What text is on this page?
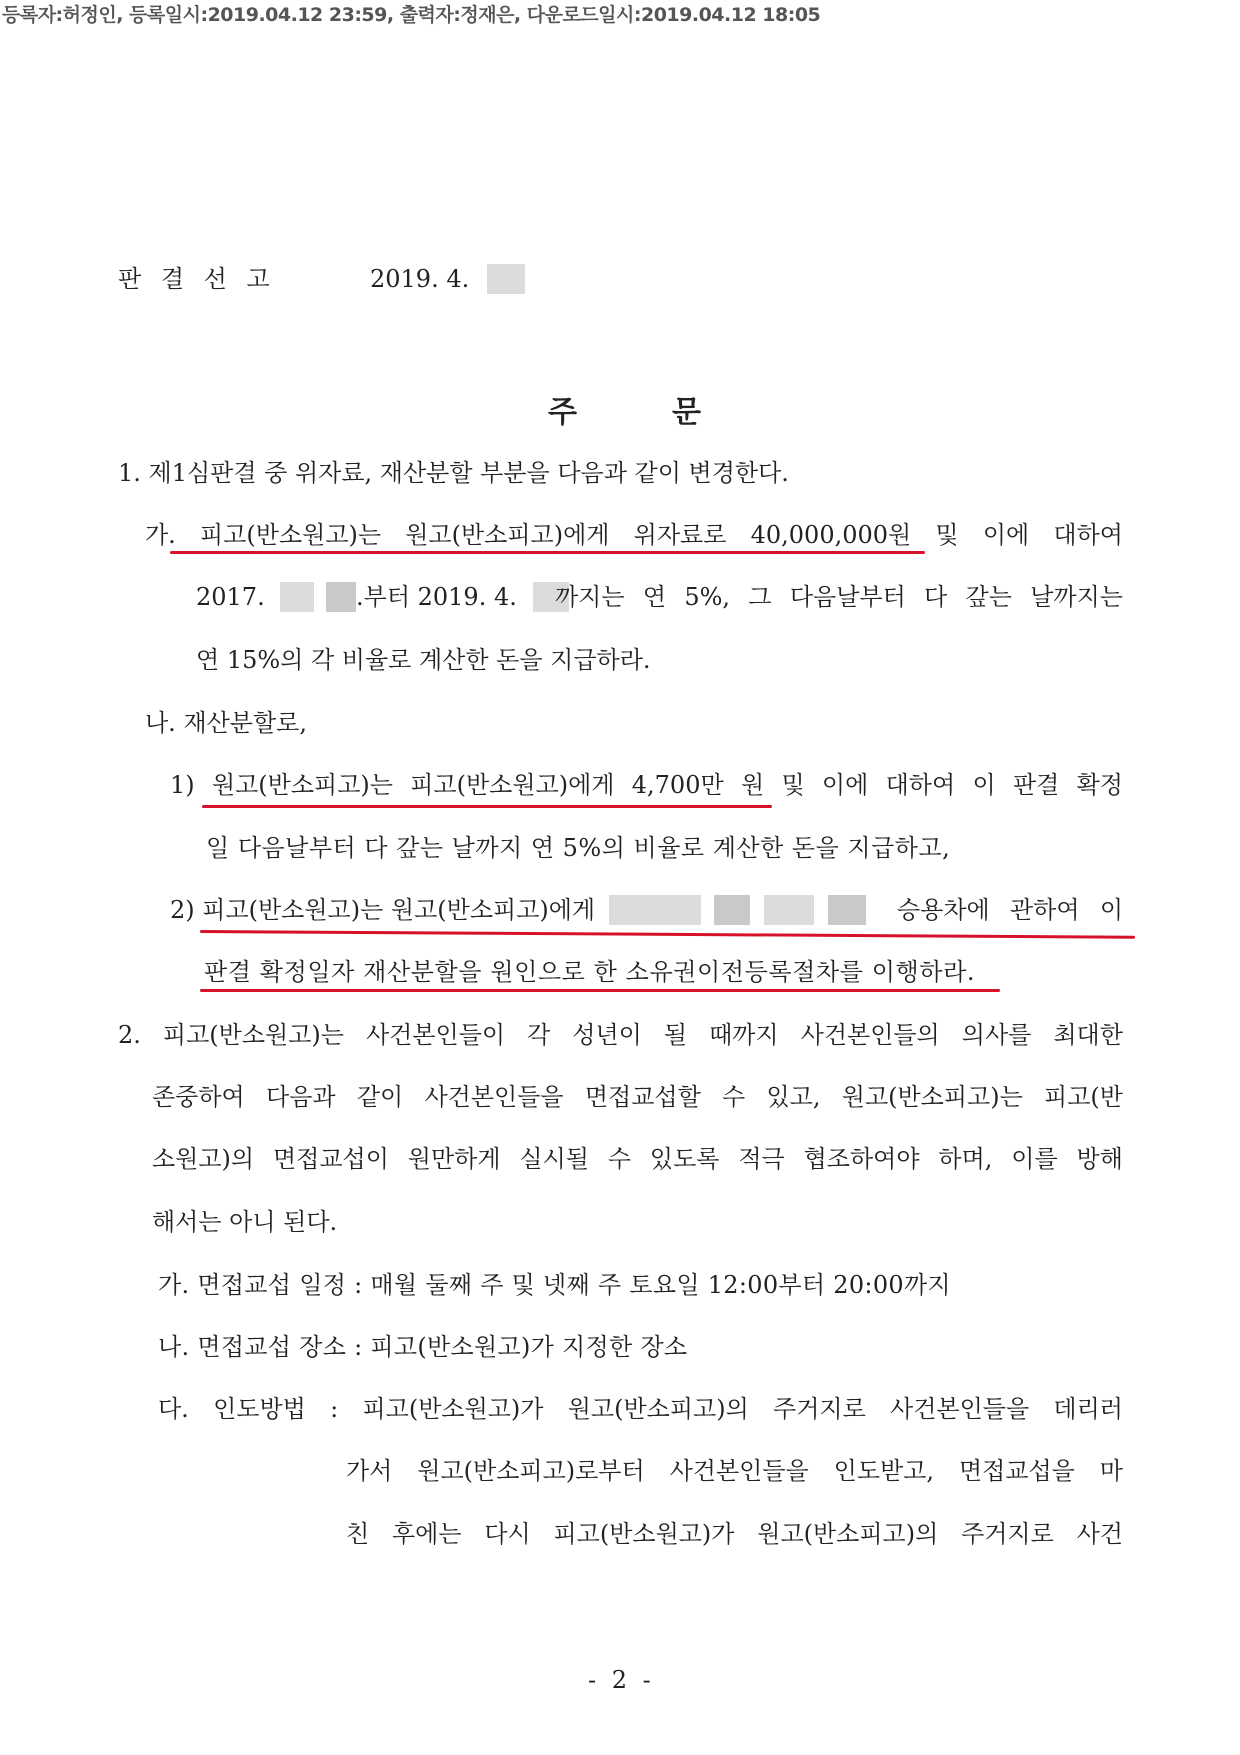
등록자:허정인, 등록일시:2019.04.12 23:59, 출력자:정재은, 다운로드일시:2019.04.12 18:05
판 결 선 고	2019. 4.
주	문
1. 제1심판결 중 위자료, 재산분할 부분을 다음과 같이 변경한다.
가. 피고(반소원고)는 원고(반소피고)에게 위자료로 40,000,000원 및 이에 대하여
2017.	.부터 2019. 4.	까지는 연 5%, 그 다음날부터 다 갚는 날까지는
연 15%의 각 비율로 계산한 돈을 지급하라.
나. 재산분할로,
1) 원고(반소피고)는 피고(반소원고)에게 4,700만 원 및 이에 대하여 이 판결 확정
일 다음날부터 다 갚는 날까지 연 5%의 비율로 계산한 돈을 지급하고,
2) 피고(반소원고)는 원고(반소피고)에게	승용차에 관하여 이
판결 확정일자 재산분할을 원인으로 한 소유권이전등록절차를 이행하라.
2. 피고(반소원고)는 사건본인들이 각 성년이 될 때까지 사건본인들의 의사를 최대한
존중하여 다음과 같이 사건본인들을 면접교섭할 수 있고, 원고(반소피고)는 피고(반
소원고)의 면접교섭이 원만하게 실시될 수 있도록 적극 협조하여야 하며, 이를 방해
해서는 아니 된다.
가. 면접교섭 일정 : 매월 둘째 주 및 넷째 주 토요일 12:00부터 20:00까지
나. 면접교섭 장소 : 피고(반소원고)가 지정한 장소
다. 인도방법 : 피고(반소원고)가 원고(반소피고)의 주거지로 사건본인들을 데리러
가서 원고(반소피고)로부터 사건본인들을 인도받고, 면접교섭을 마
친 후에는 다시 피고(반소원고)가 원고(반소피고)의 주거지로 사건
- 2 -
